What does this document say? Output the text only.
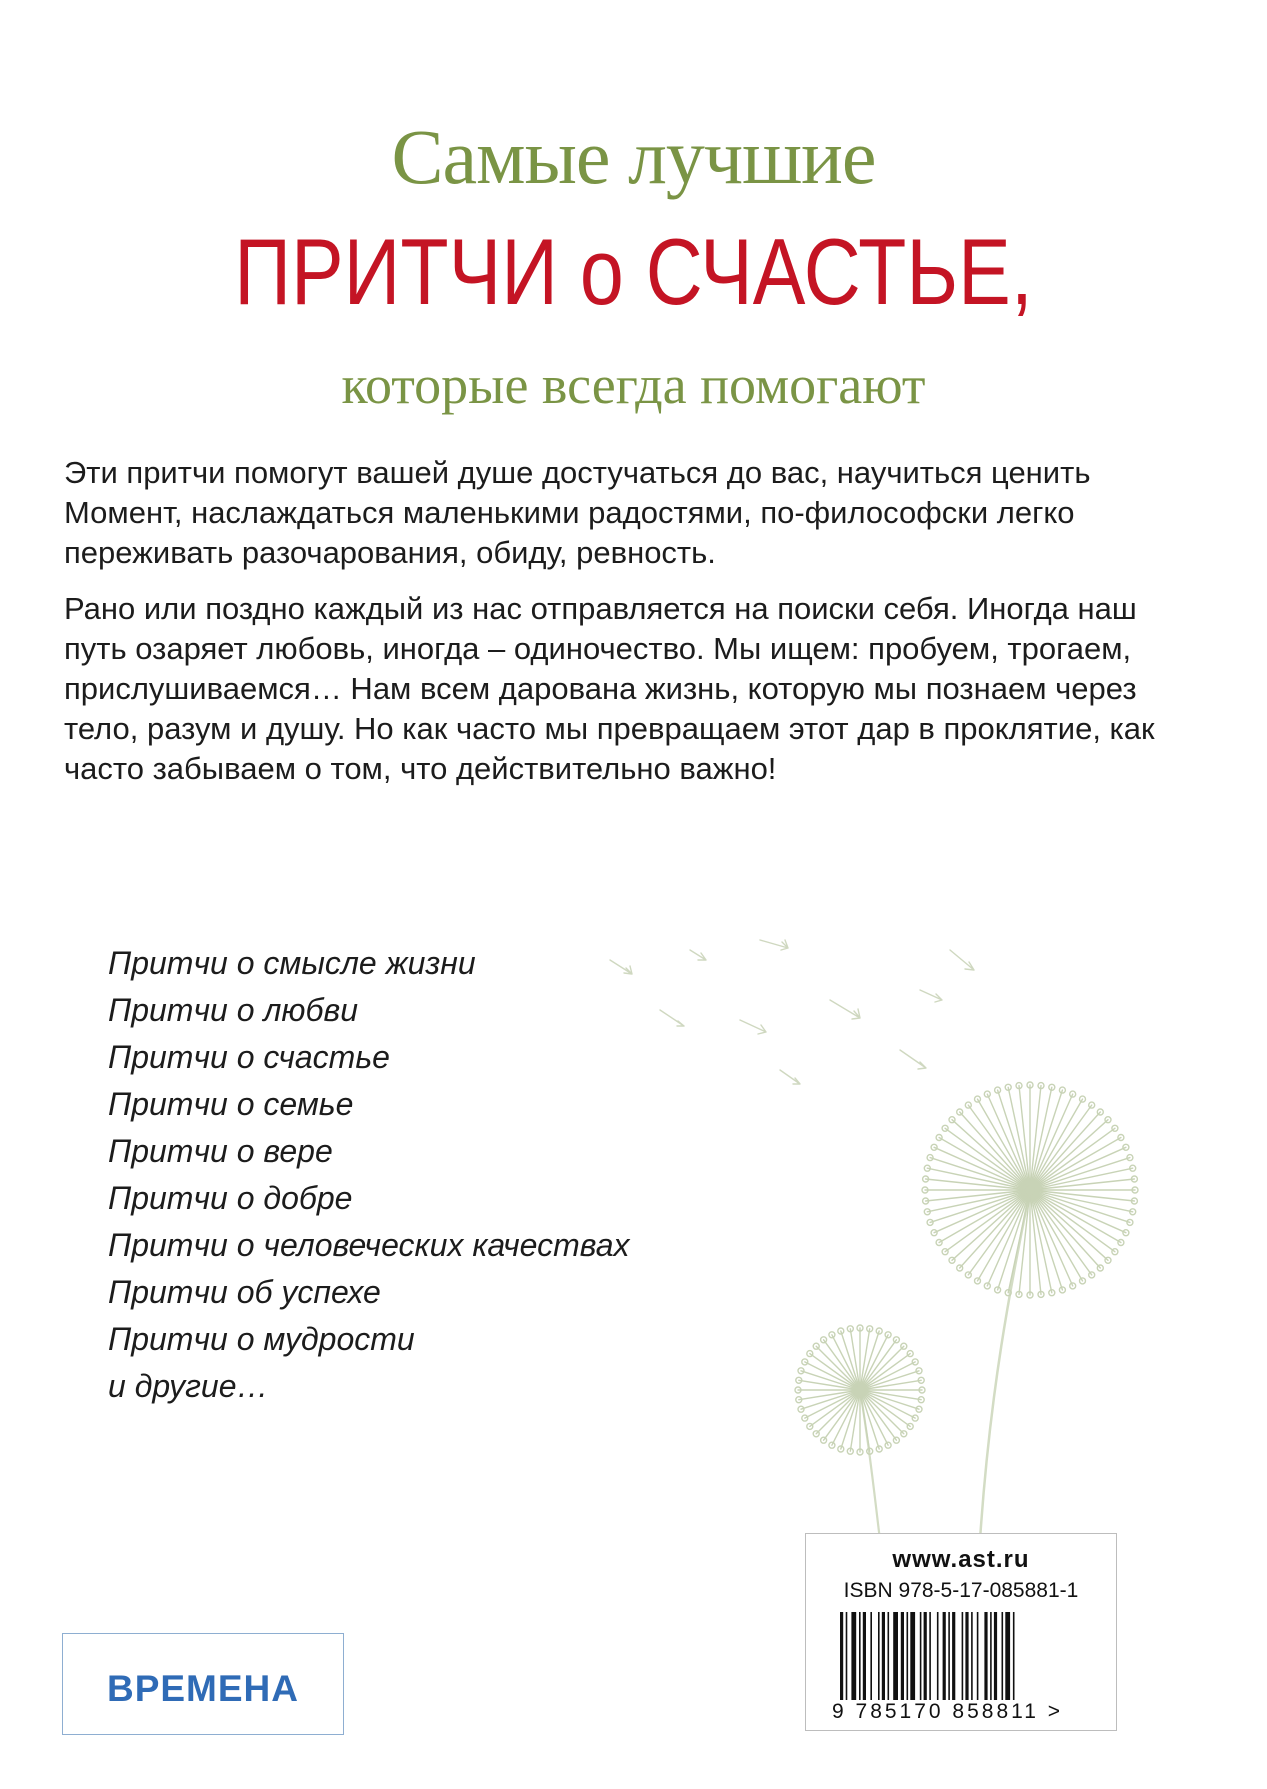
Самые лучшие
ПРИТЧИ о СЧАСТЬЕ,
которые всегда помогают

Эти притчи помогут вашей душе достучаться до вас, научиться ценить Момент, наслаждаться маленькими радостями, по-философски легко переживать разочарования, обиду, ревность.

Рано или поздно каждый из нас отправляется на поиски себя. Иногда наш путь озаряет любовь, иногда – одиночество. Мы ищем: пробуем, трогаем, прислушиваемся… Нам всем дарована жизнь, которую мы познаем через тело, разум и душу. Но как часто мы превращаем этот дар в проклятие, как часто забываем о том, что действительно важно!

Притчи о смысле жизни
Притчи о любви
Притчи о счастье
Притчи о семье
Притчи о вере
Притчи о добре
Притчи о человеческих качествах
Притчи об успехе
Притчи о мудрости
и другие…
www.ast.ru
ISBN 978-5-17-085881-1
9 785170 858811 >
ВРЕМЕНА
